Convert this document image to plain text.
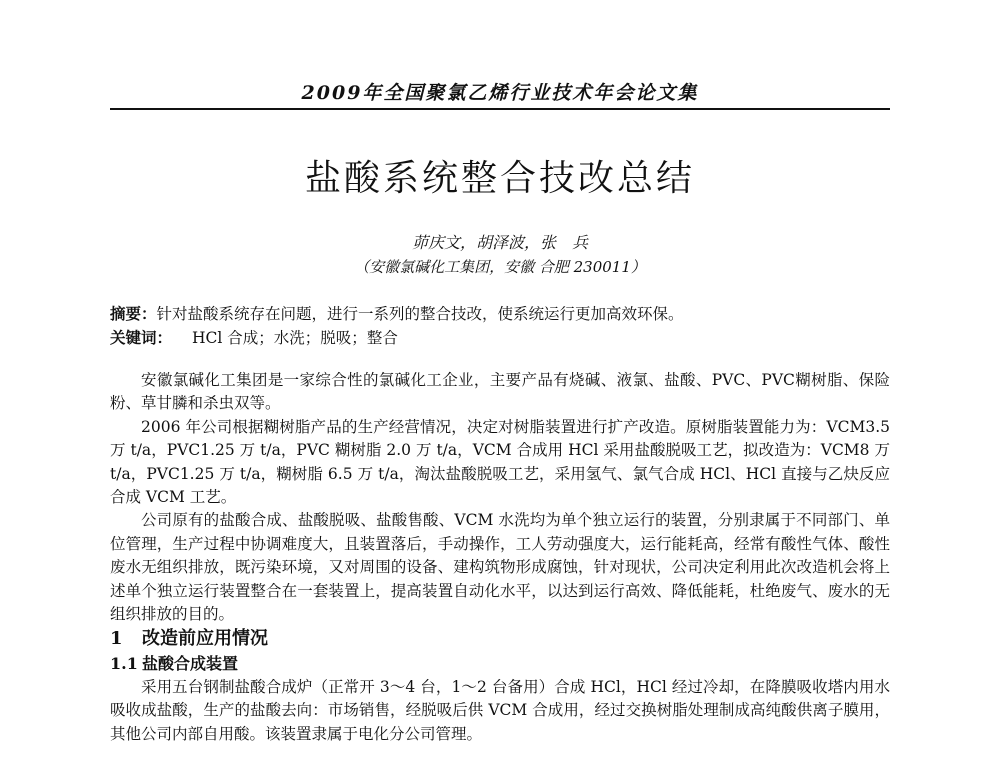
2009年全国聚氯乙烯行业技术年会论文集
盐酸系统整合技改总结
茆庆文，胡泽波，张　兵
（安徽氯碱化工集团，安徽 合肥 230011）
摘要：针对盐酸系统存在问题，进行一系列的整合技改，使系统运行更加高效环保。
关键词： HCl 合成；水洗；脱吸；整合

安徽氯碱化工集团是一家综合性的氯碱化工企业，主要产品有烧碱、液氯、盐酸、PVC、PVC糊树脂、保险粉、草甘膦和杀虫双等。

2006 年公司根据糊树脂产品的生产经营情况，决定对树脂装置进行扩产改造。原树脂装置能力为：VCM3.5 万 t/a，PVC1.25 万 t/a，PVC 糊树脂 2.0 万 t/a，VCM 合成用 HCl 采用盐酸脱吸工艺，拟改造为：VCM8 万 t/a，PVC1.25 万 t/a，糊树脂 6.5 万 t/a，淘汰盐酸脱吸工艺，采用氢气、氯气合成 HCl、HCl 直接与乙炔反应合成 VCM 工艺。

公司原有的盐酸合成、盐酸脱吸、盐酸售酸、VCM 水洗均为单个独立运行的装置，分别隶属于不同部门、单位管理，生产过程中协调难度大，且装置落后，手动操作，工人劳动强度大，运行能耗高，经常有酸性气体、酸性废水无组织排放，既污染环境，又对周围的设备、建构筑物形成腐蚀，针对现状，公司决定利用此次改造机会将上述单个独立运行装置整合在一套装置上，提高装置自动化水平，以达到运行高效、降低能耗，杜绝废气、废水的无组织排放的目的。

1 改造前应用情况
1.1 盐酸合成装置

采用五台钢制盐酸合成炉（正常开 3～4 台，1～2 台备用）合成 HCl，HCl 经过冷却，在降膜吸收塔内用水吸收成盐酸，生产的盐酸去向：市场销售，经脱吸后供 VCM 合成用，经过交换树脂处理制成高纯酸供离子膜用，其他公司内部自用酸。该装置隶属于电化分公司管理。
